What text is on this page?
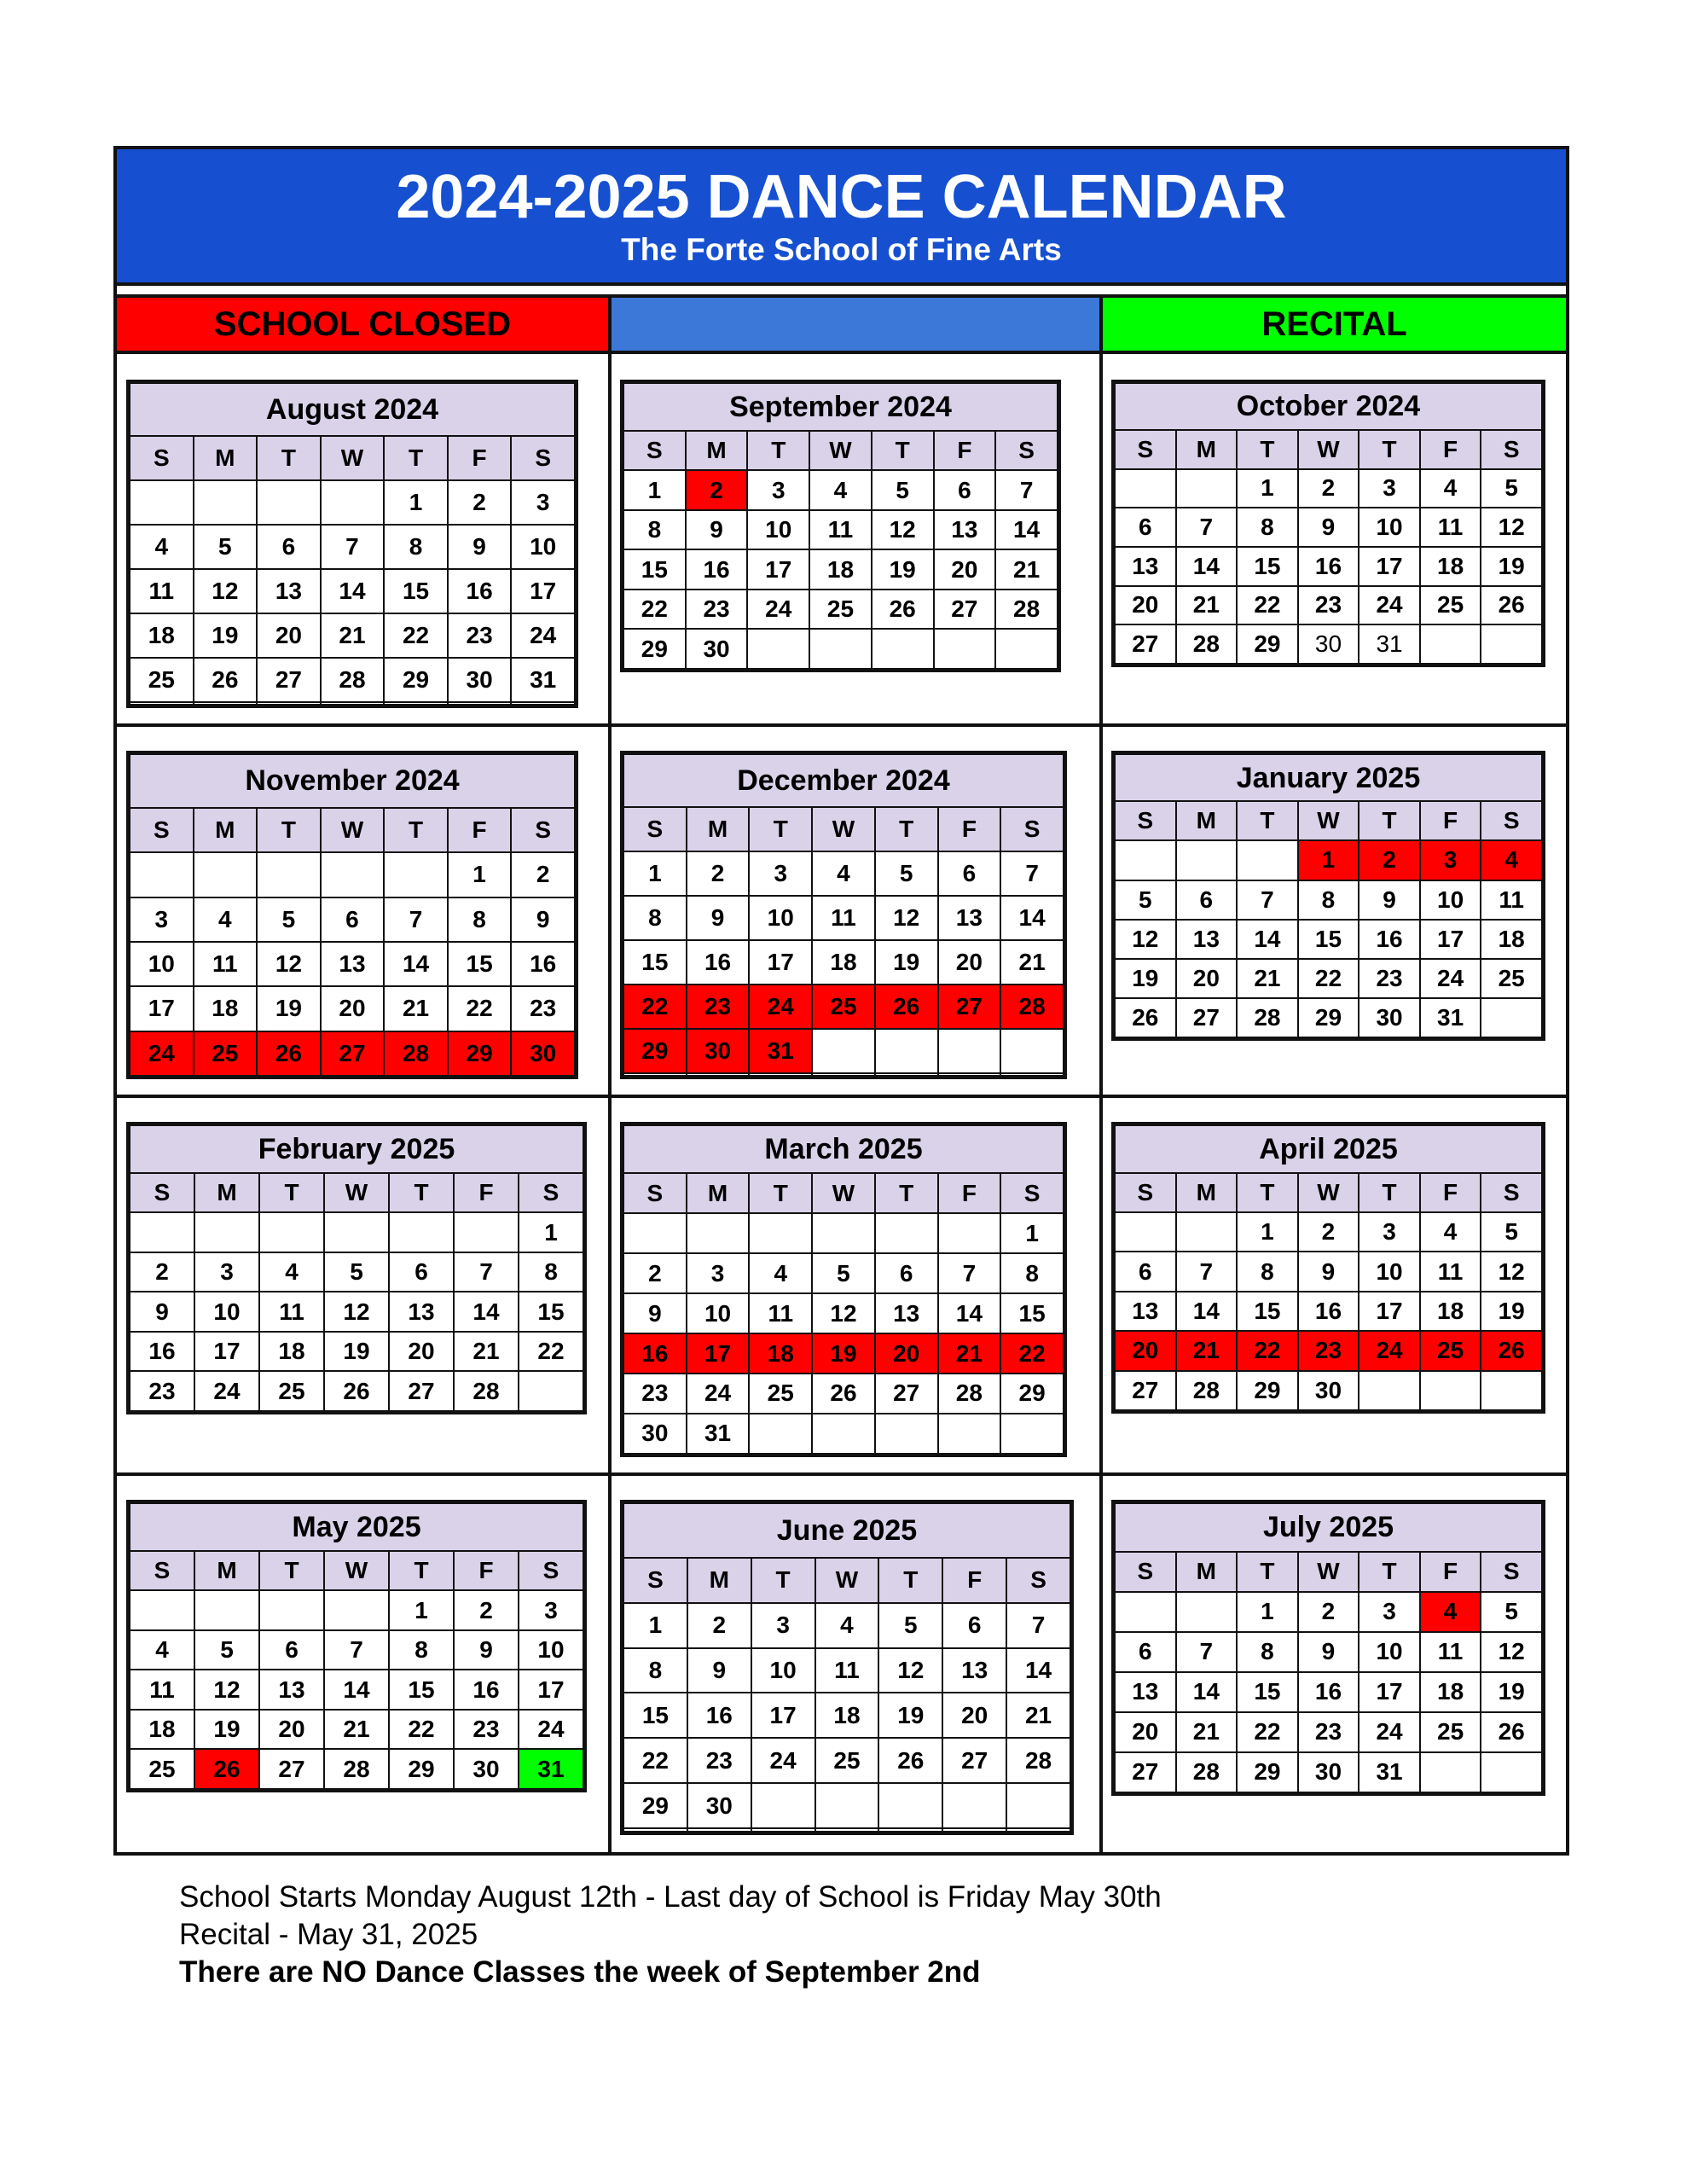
2024-2025 DANCE CALENDAR
The Forte School of Fine Arts
SCHOOL CLOSED	RECITAL
August 2024						
S	M	T	W	T	F	S
				1	2	3
4	5	6	7	8	9	10
11	12	13	14	15	16	17
18	19	20	21	22	23	24
25	26	27	28	29	30	31

September 2024						
S	M	T	W	T	F	S
1	2	3	4	5	6	7
8	9	10	11	12	13	14
15	16	17	18	19	20	21
22	23	24	25	26	27	28
29	30					
October 2024						
S	M	T	W	T	F	S
		1	2	3	4	5
6	7	8	9	10	11	12
13	14	15	16	17	18	19
20	21	22	23	24	25	26
27	28	29	30	31		
November 2024						
S	M	T	W	T	F	S
					1	2
3	4	5	6	7	8	9
10	11	12	13	14	15	16
17	18	19	20	21	22	23
24	25	26	27	28	29	30
December 2024						
S	M	T	W	T	F	S
1	2	3	4	5	6	7
8	9	10	11	12	13	14
15	16	17	18	19	20	21
22	23	24	25	26	27	28
29	30	31				

January 2025						
S	M	T	W	T	F	S
			1	2	3	4
5	6	7	8	9	10	11
12	13	14	15	16	17	18
19	20	21	22	23	24	25
26	27	28	29	30	31	
February 2025						
S	M	T	W	T	F	S
						1
2	3	4	5	6	7	8
9	10	11	12	13	14	15
16	17	18	19	20	21	22
23	24	25	26	27	28	
March 2025						
S	M	T	W	T	F	S
						1
2	3	4	5	6	7	8
9	10	11	12	13	14	15
16	17	18	19	20	21	22
23	24	25	26	27	28	29
30	31					
April 2025						
S	M	T	W	T	F	S
		1	2	3	4	5
6	7	8	9	10	11	12
13	14	15	16	17	18	19
20	21	22	23	24	25	26
27	28	29	30			
May 2025						
S	M	T	W	T	F	S
				1	2	3
4	5	6	7	8	9	10
11	12	13	14	15	16	17
18	19	20	21	22	23	24
25	26	27	28	29	30	31
June 2025						
S	M	T	W	T	F	S
1	2	3	4	5	6	7
8	9	10	11	12	13	14
15	16	17	18	19	20	21
22	23	24	25	26	27	28
29	30					

July 2025						
S	M	T	W	T	F	S
		1	2	3	4	5
6	7	8	9	10	11	12
13	14	15	16	17	18	19
20	21	22	23	24	25	26
27	28	29	30	31		
School Starts Monday August 12th - Last day of School is Friday May 30th
Recital - May 31, 2025
There are NO Dance Classes the week of September 2nd
